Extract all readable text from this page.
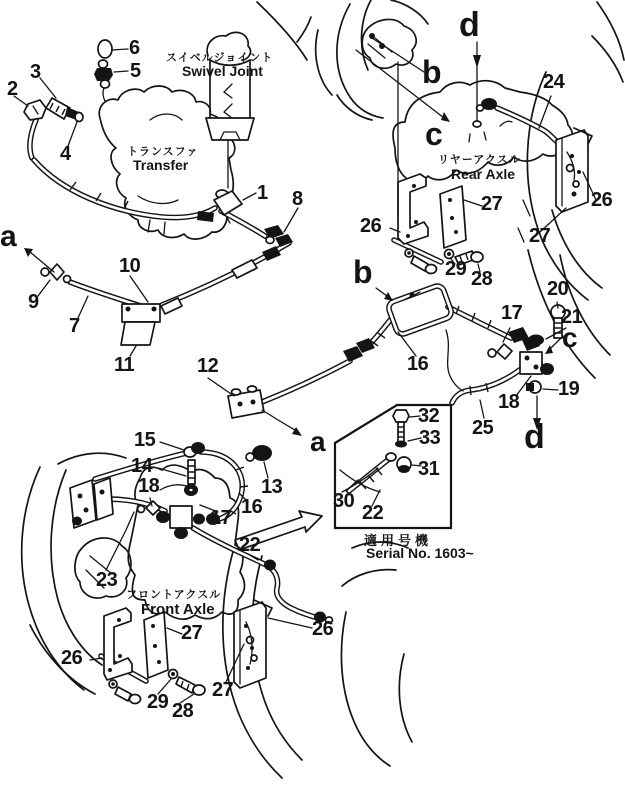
スイベルジョイント
Swivel Joint
トランスファ
Transfer	リヤーアクスル
Rear Axle
フロントアクスル
Front Axle
適用号機
Serial No. 1603~
1
2
3
4
5
6
7
8
9
10
11	12
13
14
15
16
16
17
17
18
18
19
20
21
22
22
23
24
25
26
26
26
26
27
27
27
27
28
28
29
29
30
31
32
33
a
b
c
d
b
a
c
d
